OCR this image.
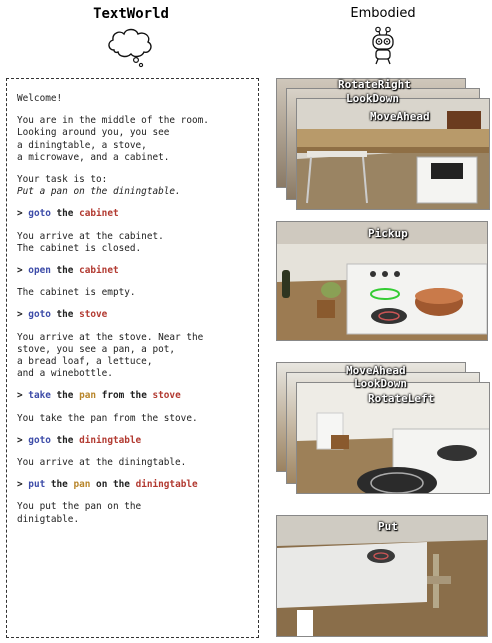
TextWorld	Embodied
Welcome!
You are in the middle of the room.
Looking around you, you see
a diningtable, a stove,
a microwave, and a cabinet.
Your task is to:
Put a pan on the diningtable.
> goto the cabinet
You arrive at the cabinet.
The cabinet is closed.
> open the cabinet
The cabinet is empty.
> goto the stove
You arrive at the stove. Near the
stove, you see a pan, a pot,
a bread loaf, a lettuce,
and a winebottle.
> take the pan from the stove
You take the pan from the stove.
> goto the diningtable
You arrive at the diningtable.
> put the pan on the diningtable
You put the pan on the
dinigtable.
RotateRight
LookDown
MoveAhead
Pickup
MoveAhead
LookDown
RotateLeft
Put
